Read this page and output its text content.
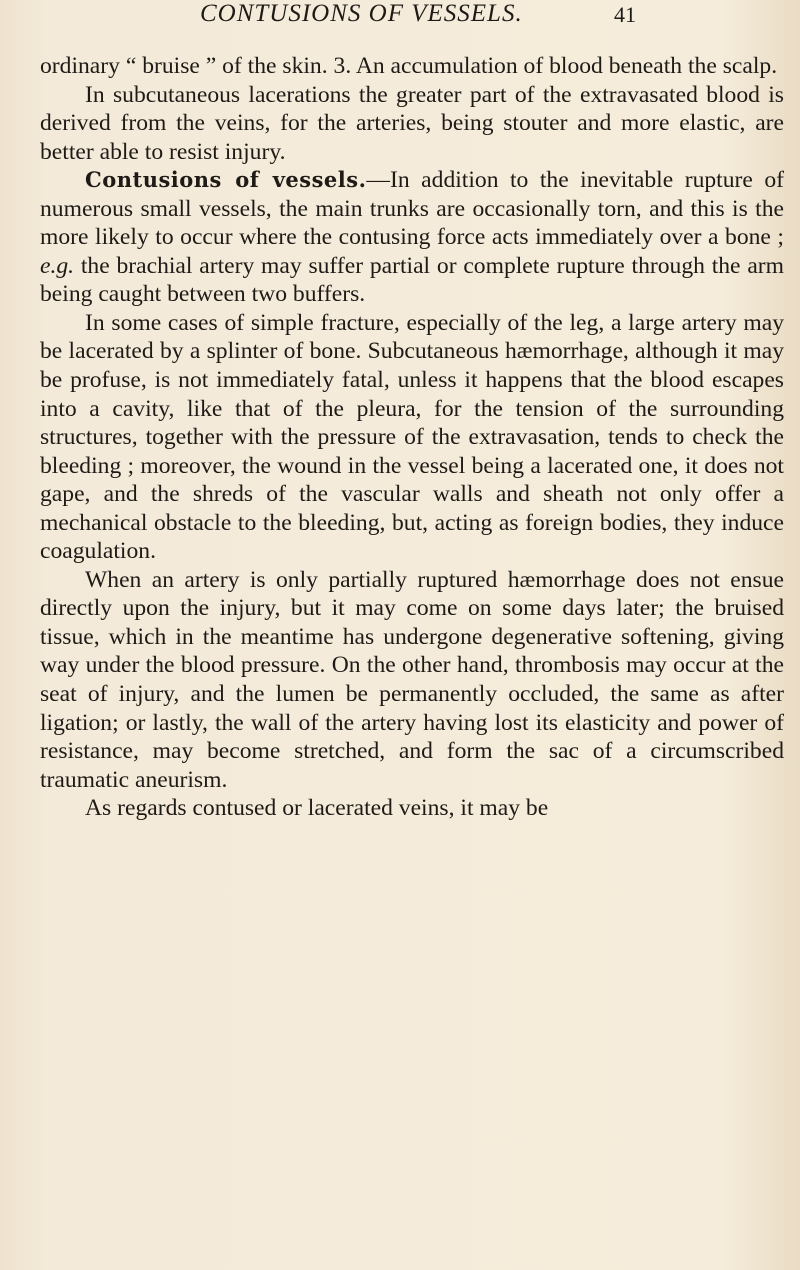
CONTUSIONS OF VESSELS.	41

ordinary “ bruise ” of the skin. 3. An accumulation of blood beneath the scalp.

In subcutaneous lacerations the greater part of the extravasated blood is derived from the veins, for the arteries, being stouter and more elastic, are better able to resist injury.

Contusions of vessels.—In addition to the inevitable rupture of numerous small vessels, the main trunks are occasionally torn, and this is the more likely to occur where the contusing force acts immediately over a bone ; e.g. the brachial artery may suffer partial or complete rupture through the arm being caught between two buffers.

In some cases of simple fracture, especially of the leg, a large artery may be lacerated by a splinter of bone. Subcutaneous hæmorrhage, although it may be profuse, is not immediately fatal, unless it happens that the blood escapes into a cavity, like that of the pleura, for the tension of the surrounding structures, together with the pressure of the extravasation, tends to check the bleeding ; moreover, the wound in the vessel being a lacerated one, it does not gape, and the shreds of the vascular walls and sheath not only offer a mechanical obstacle to the bleeding, but, acting as foreign bodies, they induce coagulation.

When an artery is only partially ruptured hæmorrhage does not ensue directly upon the injury, but it may come on some days later; the bruised tissue, which in the meantime has undergone degenerative softening, giving way under the blood pressure. On the other hand, thrombosis may occur at the seat of injury, and the lumen be permanently occluded, the same as after ligation; or lastly, the wall of the artery having lost its elasticity and power of resistance, may become stretched, and form the sac of a circumscribed traumatic aneurism.

As regards contused or lacerated veins, it may be
